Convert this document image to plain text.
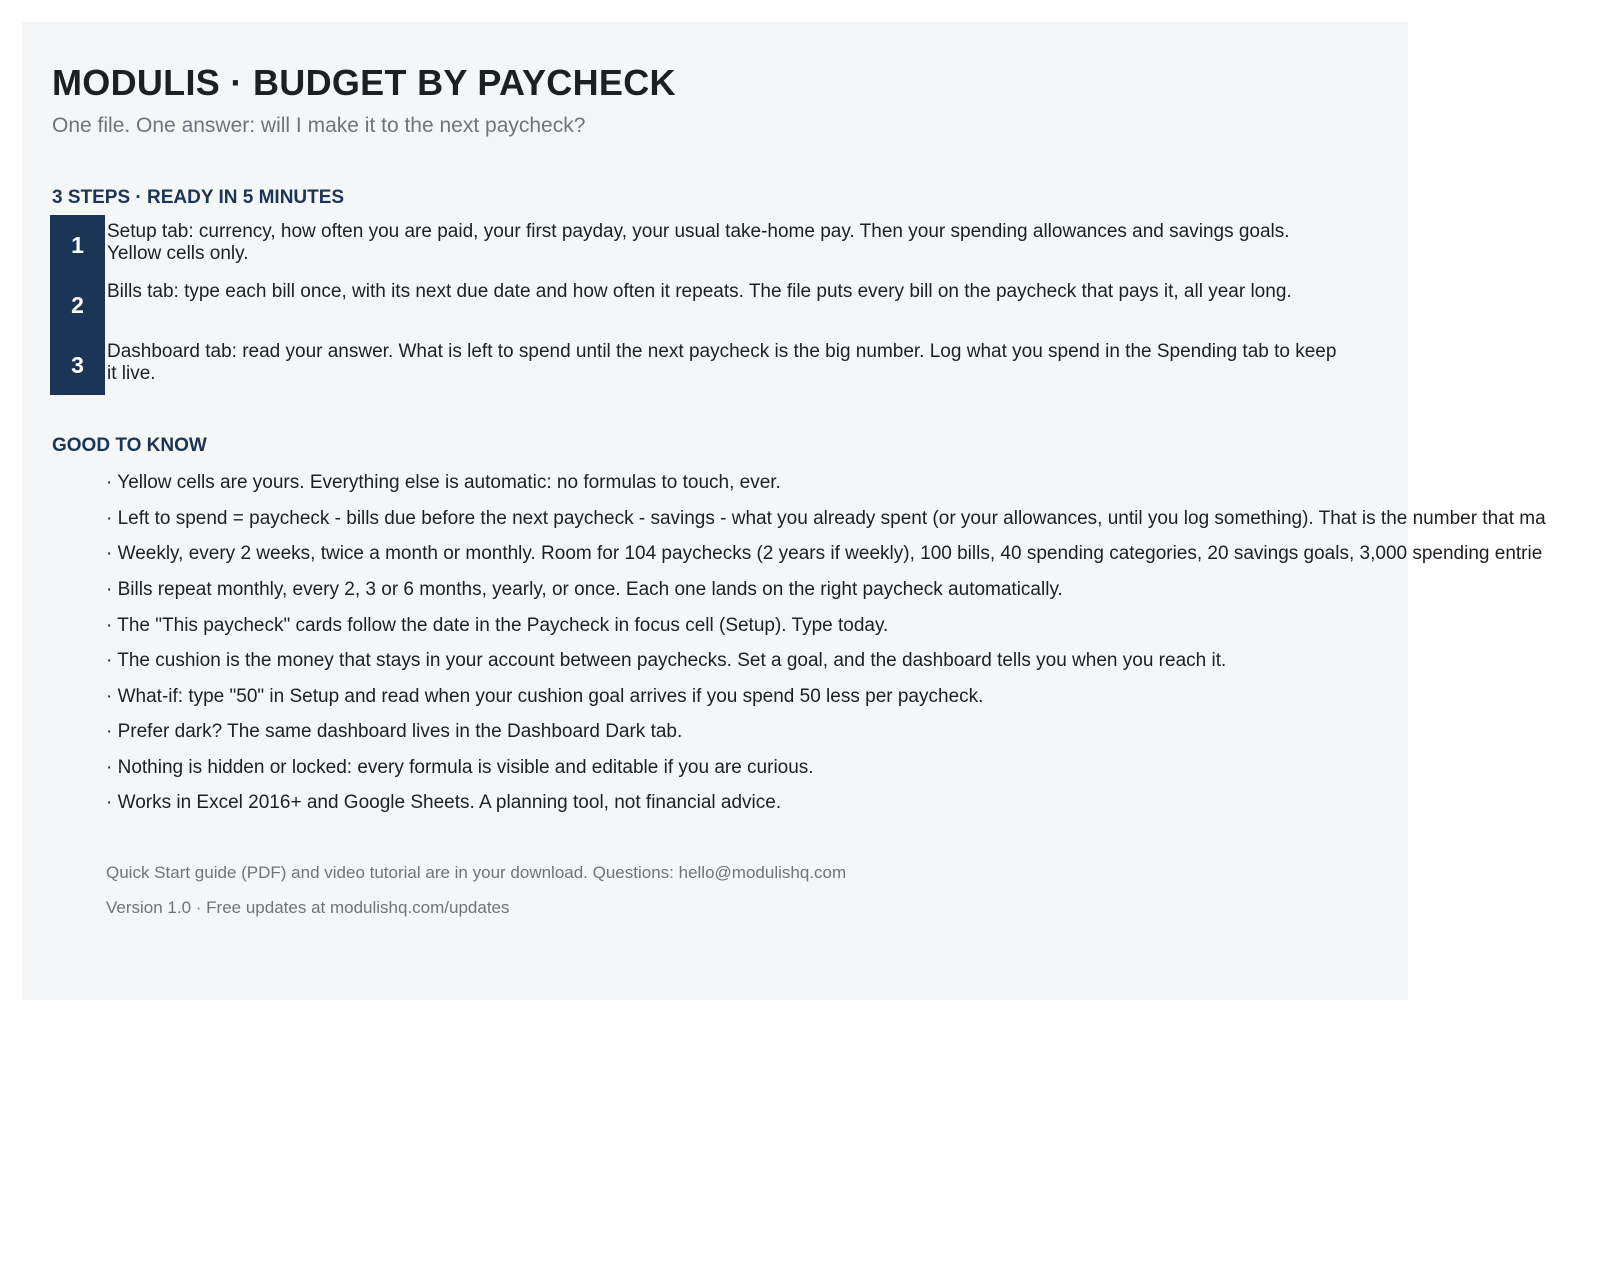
MODULIS · BUDGET BY PAYCHECK
One file. One answer: will I make it to the next paycheck?
3 STEPS · READY IN 5 MINUTES
1	Setup tab: currency, how often you are paid, your first payday, your usual take-home pay. Then your spending allowances and savings goals. Yellow cells only.
2	Bills tab: type each bill once, with its next due date and how often it repeats. The file puts every bill on the paycheck that pays it, all year long.
3	Dashboard tab: read your answer. What is left to spend until the next paycheck is the big number. Log what you spend in the Spending tab to keep it live.
GOOD TO KNOW
· Yellow cells are yours. Everything else is automatic: no formulas to touch, ever.
· Left to spend = paycheck - bills due before the next paycheck - savings - what you already spent (or your allowances, until you log something). That is the number that ma
· Weekly, every 2 weeks, twice a month or monthly. Room for 104 paychecks (2 years if weekly), 100 bills, 40 spending categories, 20 savings goals, 3,000 spending entrie
· Bills repeat monthly, every 2, 3 or 6 months, yearly, or once. Each one lands on the right paycheck automatically.
· The "This paycheck" cards follow the date in the Paycheck in focus cell (Setup). Type today.
· The cushion is the money that stays in your account between paychecks. Set a goal, and the dashboard tells you when you reach it.
· What-if: type "50" in Setup and read when your cushion goal arrives if you spend 50 less per paycheck.
· Prefer dark? The same dashboard lives in the Dashboard Dark tab.
· Nothing is hidden or locked: every formula is visible and editable if you are curious.
· Works in Excel 2016+ and Google Sheets. A planning tool, not financial advice.
Quick Start guide (PDF) and video tutorial are in your download. Questions: hello@modulishq.com
Version 1.0 · Free updates at modulishq.com/updates
